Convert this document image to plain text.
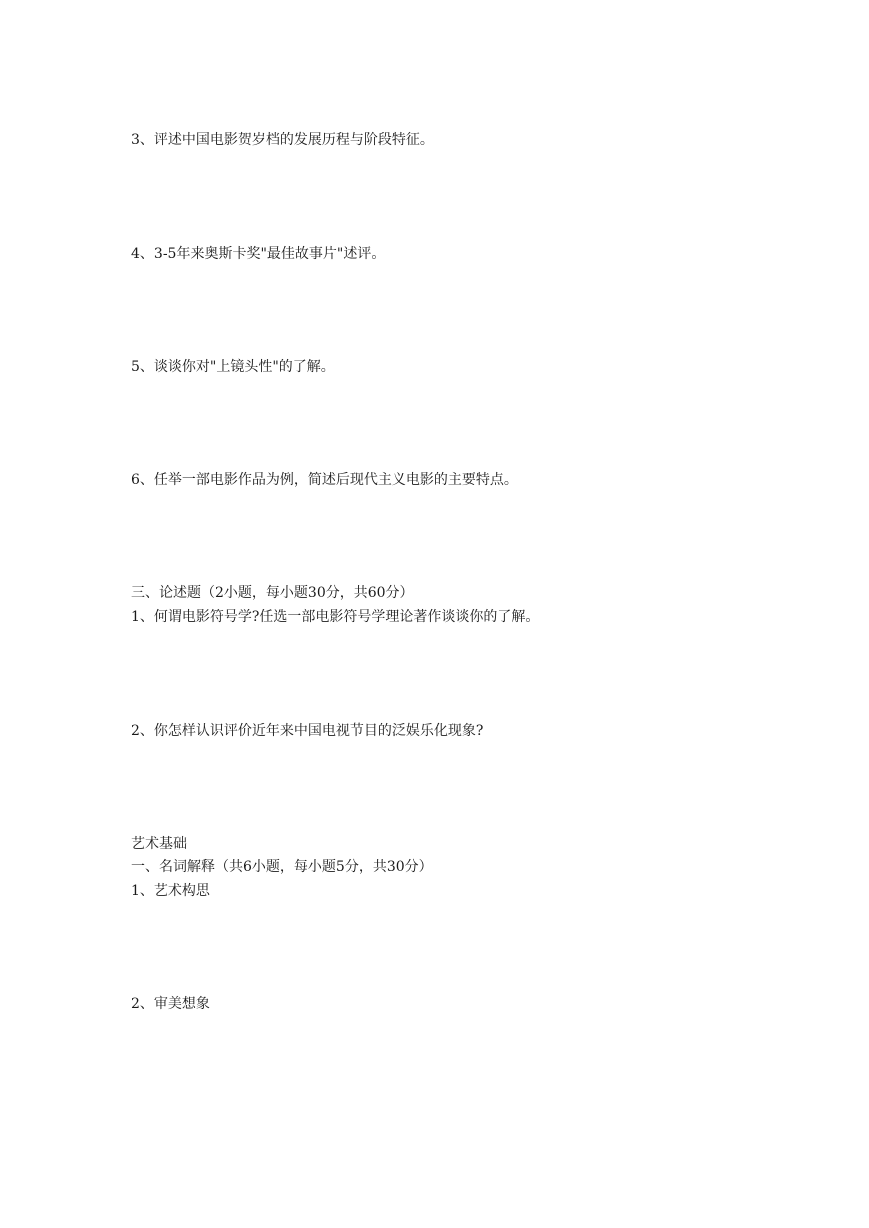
3、评述中国电影贺岁档的发展历程与阶段特征。

4、3-5年来奥斯卡奖"最佳故事片"述评。

5、谈谈你对"上镜头性"的了解。

6、任举一部电影作品为例，简述后现代主义电影的主要特点。

三、论述题（2小题，每小题30分，共60分）

1、何谓电影符号学?任选一部电影符号学理论著作谈谈你的了解。

2、你怎样认识评价近年来中国电视节目的泛娱乐化现象?

艺术基础

一、名词解释（共6小题，每小题5分，共30分）

1、艺术构思

2、审美想象
